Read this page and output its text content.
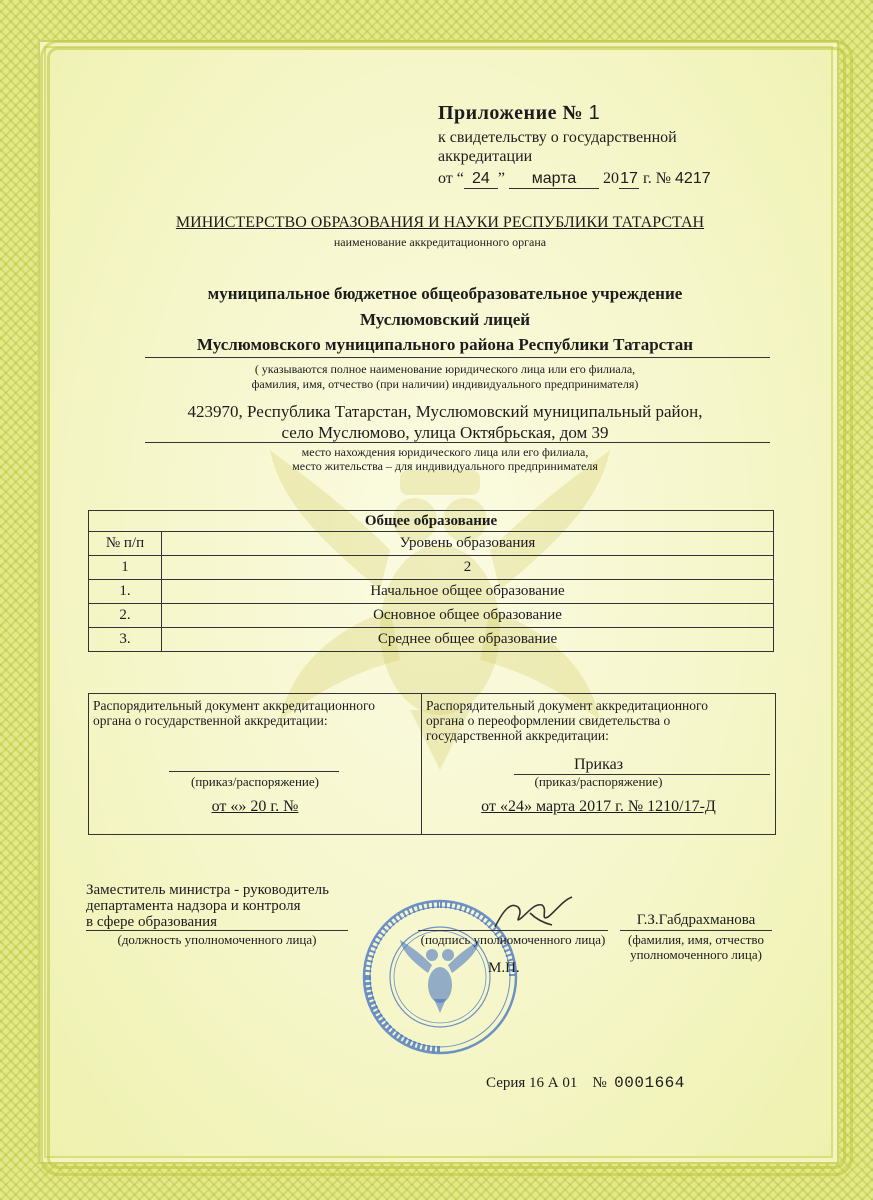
Приложение № 1
к свидетельству о государственной
аккредитации
от “ 24 ” марта 2017 г. № 4217
МИНИСТЕРСТВО ОБРАЗОВАНИЯ И НАУКИ РЕСПУБЛИКИ ТАТАРСТАН
наименование аккредитационного органа
муниципальное бюджетное общеобразовательное учреждение
Муслюмовский лицей
Муслюмовского муниципального района Республики Татарстан
( указываются полное наименование юридического лица или его филиала,
фамилия, имя, отчество (при наличии) индивидуального предпринимателя)
423970, Республика Татарстан, Муслюмовский муниципальный район,
село Муслюмово, улица Октябрьская, дом 39
место нахождения юридического лица или его филиала,
место жительства – для индивидуального предпринимателя
Общее образование	
№ п/п	Уровень образования
1	2
1.	Начальное общее образование
2.	Основное общее образование
3.	Среднее общее образование
Распорядительный документ аккредитационного
органа о государственной аккредитации:
(приказ/распоряжение)
от «» 20 г. №
Распорядительный документ аккредитационного
органа о переоформлении свидетельства о
государственной аккредитации:
Приказ
(приказ/распоряжение)
от «24» марта 2017 г. № 1210/17-Д
Заместитель министра - руководитель
департамента надзора и контроля
в сфере образования
(должность уполномоченного лица)	(подпись уполномоченного лица)
Г.З.Габдрахманова
(фамилия, имя, отчество
уполномоченного лица)
М.П.
Серия 16 А 01 № 0001664
